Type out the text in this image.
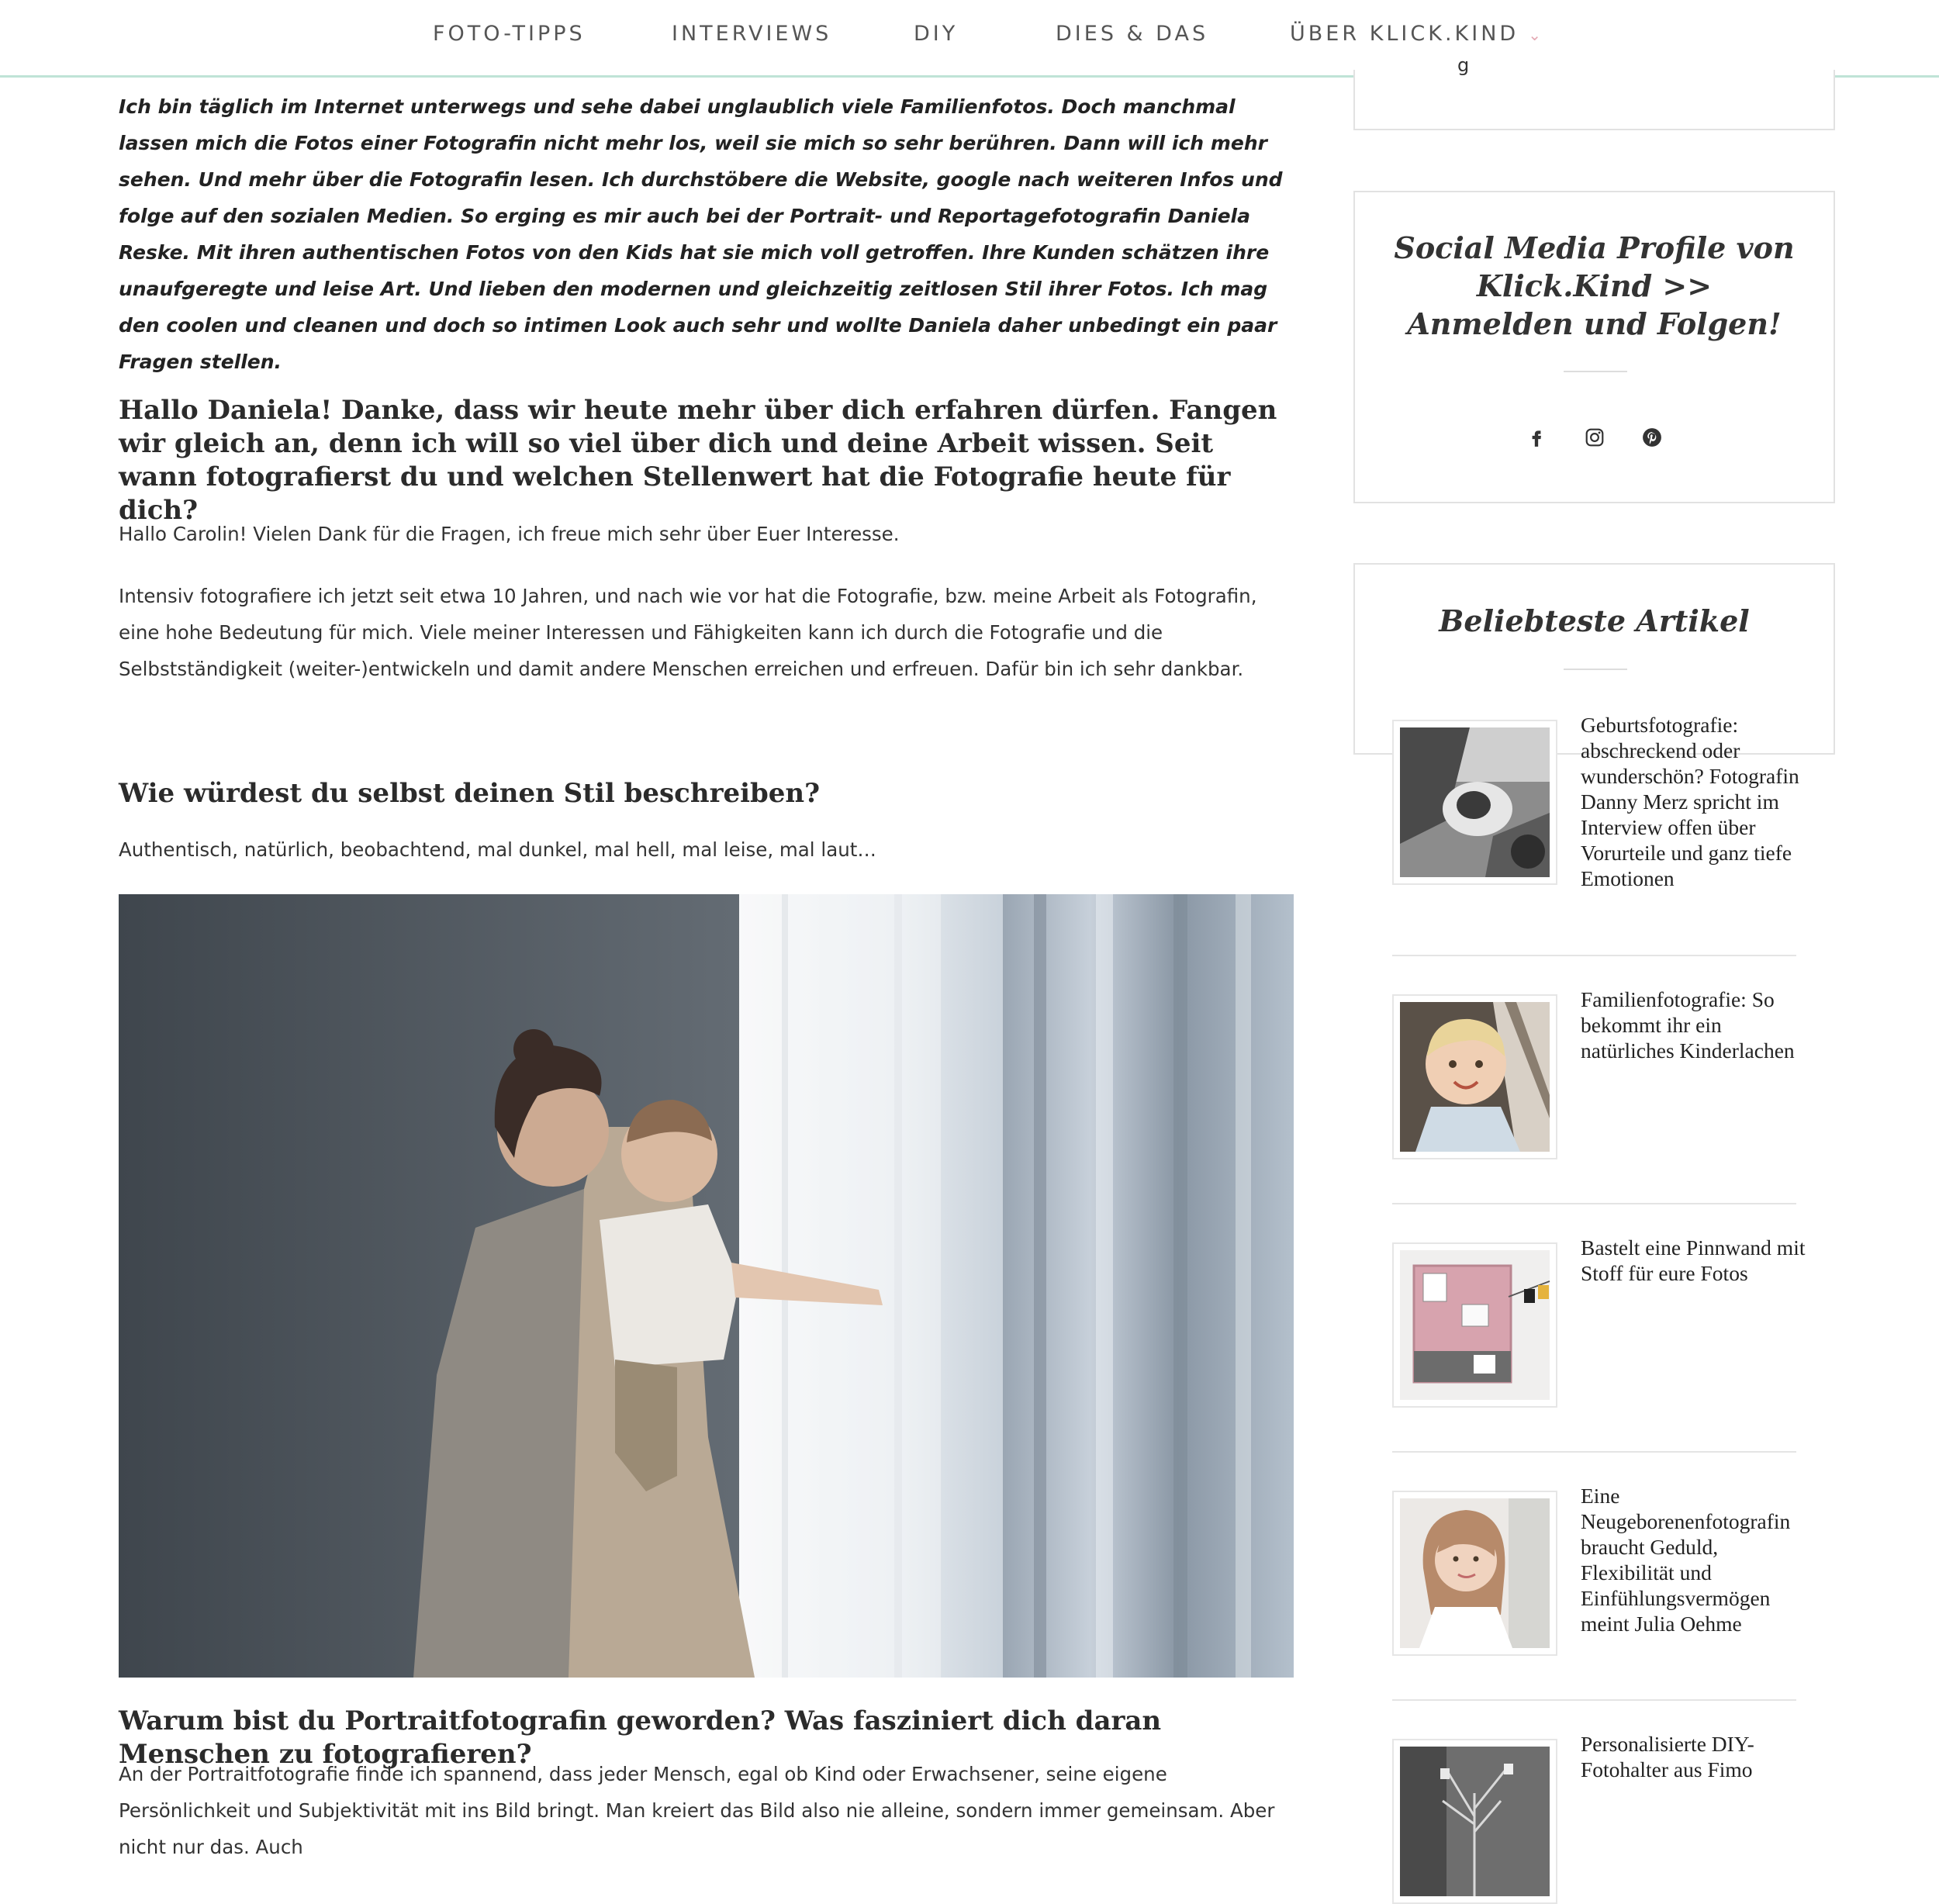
FOTO-TIPPS	INTERVIEWS	DIY	DIES & DAS	ÜBER KLICK.KIND ⌄

Ich bin täglich im Internet unterwegs und sehe dabei unglaublich viele Familienfotos. Doch manchmal lassen mich die Fotos einer Fotografin nicht mehr los, weil sie mich so sehr berühren. Dann will ich mehr sehen. Und mehr über die Fotografin lesen. Ich durchstöbere die Website, google nach weiteren Infos und folge auf den sozialen Medien. So erging es mir auch bei der Portrait- und Reportagefotografin Daniela Reske. Mit ihren authentischen Fotos von den Kids hat sie mich voll getroffen. Ihre Kunden schätzen ihre unaufgeregte und leise Art. Und lieben den modernen und gleichzeitig zeitlosen Stil ihrer Fotos. Ich mag den coolen und cleanen und doch so intimen Look auch sehr und wollte Daniela daher unbedingt ein paar Fragen stellen.

Hallo Daniela! Danke, dass wir heute mehr über dich erfahren dürfen. Fangen wir gleich an, denn ich will so viel über dich und deine Arbeit wissen. Seit wann fotografierst du und welchen Stellenwert hat die Fotografie heute für dich?

Hallo Carolin! Vielen Dank für die Fragen, ich freue mich sehr über Euer Interesse.

Intensiv fotografiere ich jetzt seit etwa 10 Jahren, und nach wie vor hat die Fotografie, bzw. meine Arbeit als Fotografin, eine hohe Bedeutung für mich. Viele meiner Interessen und Fähigkeiten kann ich durch die Fotografie und die Selbstständigkeit (weiter-)entwickeln und damit andere Menschen erreichen und erfreuen. Dafür bin ich sehr dankbar.

Wie würdest du selbst deinen Stil beschreiben?

Authentisch, natürlich, beobachtend, mal dunkel, mal hell, mal leise, mal laut…

Warum bist du Portraitfotografin geworden? Was fasziniert dich daran Menschen zu fotografieren?

An der Portraitfotografie finde ich spannend, dass jeder Mensch, egal ob Kind oder Erwachsener, seine eigene Persönlichkeit und Subjektivität mit ins Bild bringt. Man kreiert das Bild also nie alleine, sondern immer gemeinsam. Aber nicht nur das. Auch

g
Social Media Profile von Klick.Kind >> Anmelden und Folgen!
Beliebteste Artikel
Geburtsfotografie: abschreckend oder wunderschön? Fotografin Danny Merz spricht im Interview offen über Vorurteile und ganz tiefe Emotionen
Familienfotografie: So bekommt ihr ein natürliches Kinderlachen
Bastelt eine Pinnwand mit Stoff für eure Fotos
Eine Neugeborenenfotografin braucht Geduld, Flexibilität und Einfühlungsvermögen meint Julia Oehme
Personalisierte DIY-Fotohalter aus Fimo
